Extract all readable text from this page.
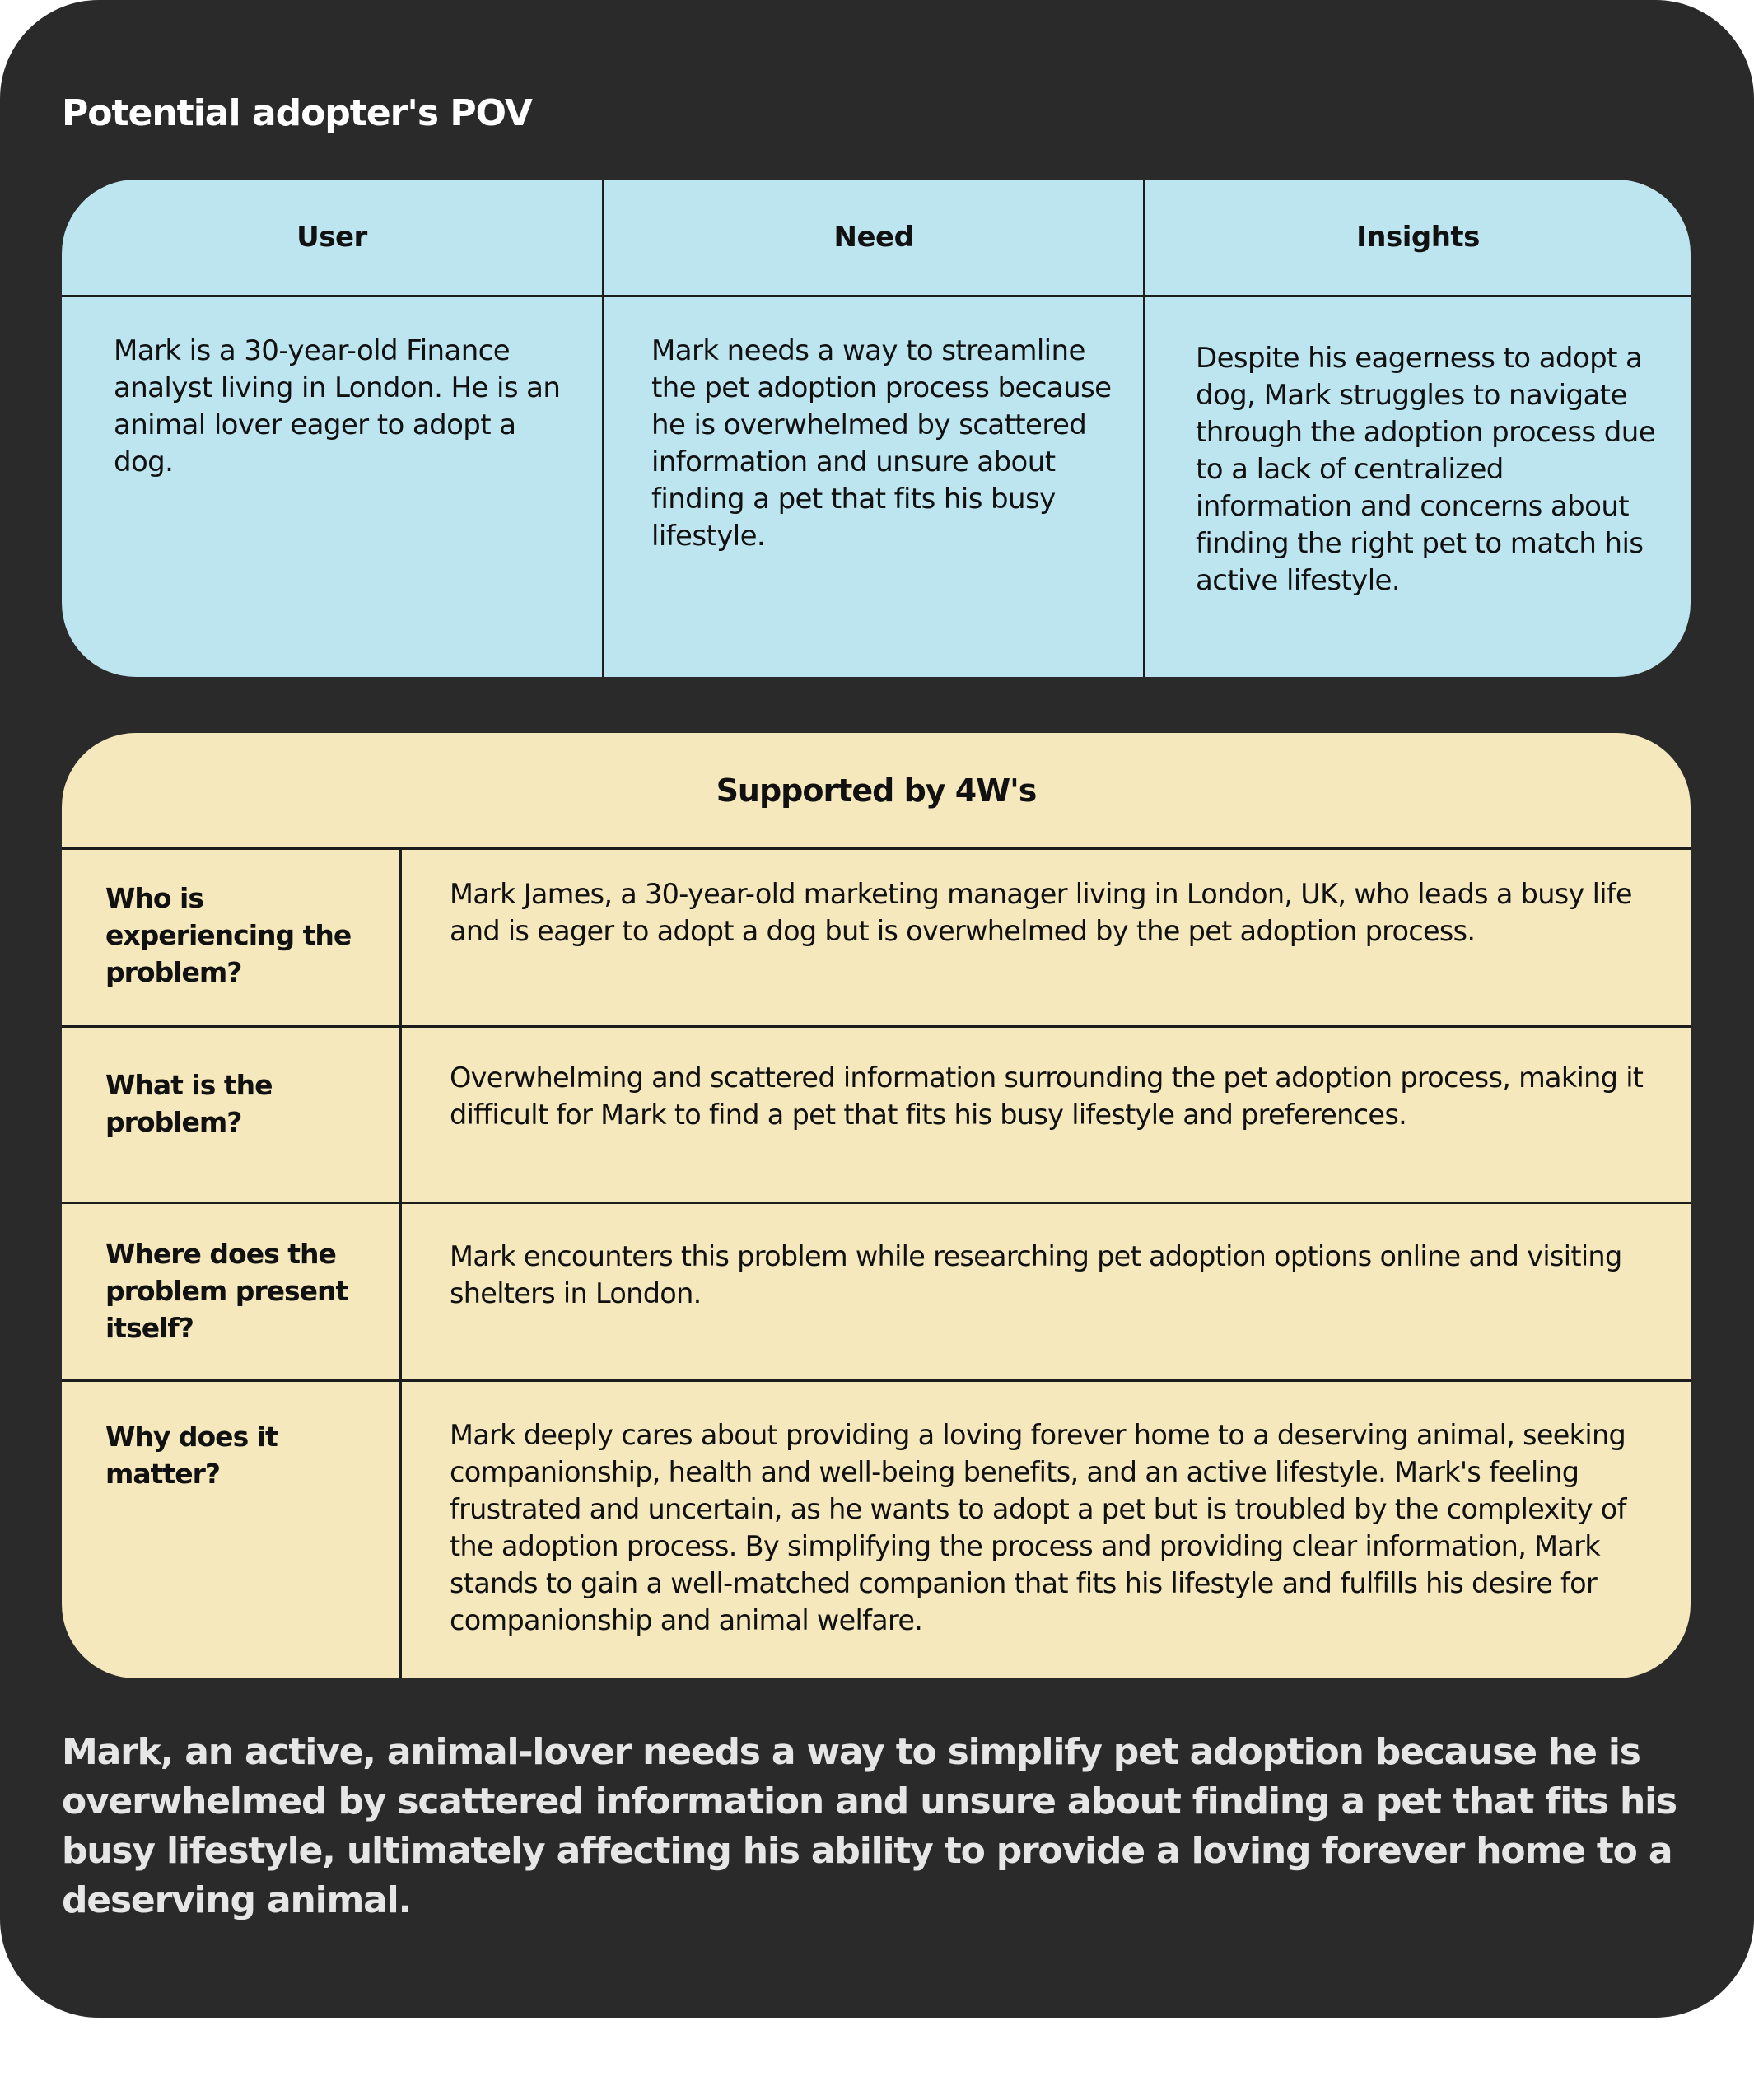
Potential adopter's POV
User	Need	Insights
Mark is a 30-year-old Finance analyst living in London. He is an animal lover eager to adopt a dog.
Mark needs a way to streamline the pet adoption process because he is overwhelmed by scattered information and unsure about finding a pet that fits his busy lifestyle.
Despite his eagerness to adopt a dog, Mark struggles to navigate through the adoption process due to a lack of centralized information and concerns about finding the right pet to match his active lifestyle.
Supported by 4W's
Who is experiencing the problem?
Mark James, a 30-year-old marketing manager living in London, UK, who leads a busy life and is eager to adopt a dog but is overwhelmed by the pet adoption process.
What is the problem?
Overwhelming and scattered information surrounding the pet adoption process, making it difficult for Mark to find a pet that fits his busy lifestyle and preferences.
Where does the problem present itself?
Mark encounters this problem while researching pet adoption options online and visiting shelters in London.
Why does it matter?
Mark deeply cares about providing a loving forever home to a deserving animal, seeking companionship, health and well-being benefits, and an active lifestyle. Mark's feeling frustrated and uncertain, as he wants to adopt a pet but is troubled by the complexity of the adoption process. By simplifying the process and providing clear information, Mark stands to gain a well-matched companion that fits his lifestyle and fulfills his desire for companionship and animal welfare.
Mark, an active, animal-lover needs a way to simplify pet adoption because he is overwhelmed by scattered information and unsure about finding a pet that fits his busy lifestyle, ultimately affecting his ability to provide a loving forever home to a deserving animal.
